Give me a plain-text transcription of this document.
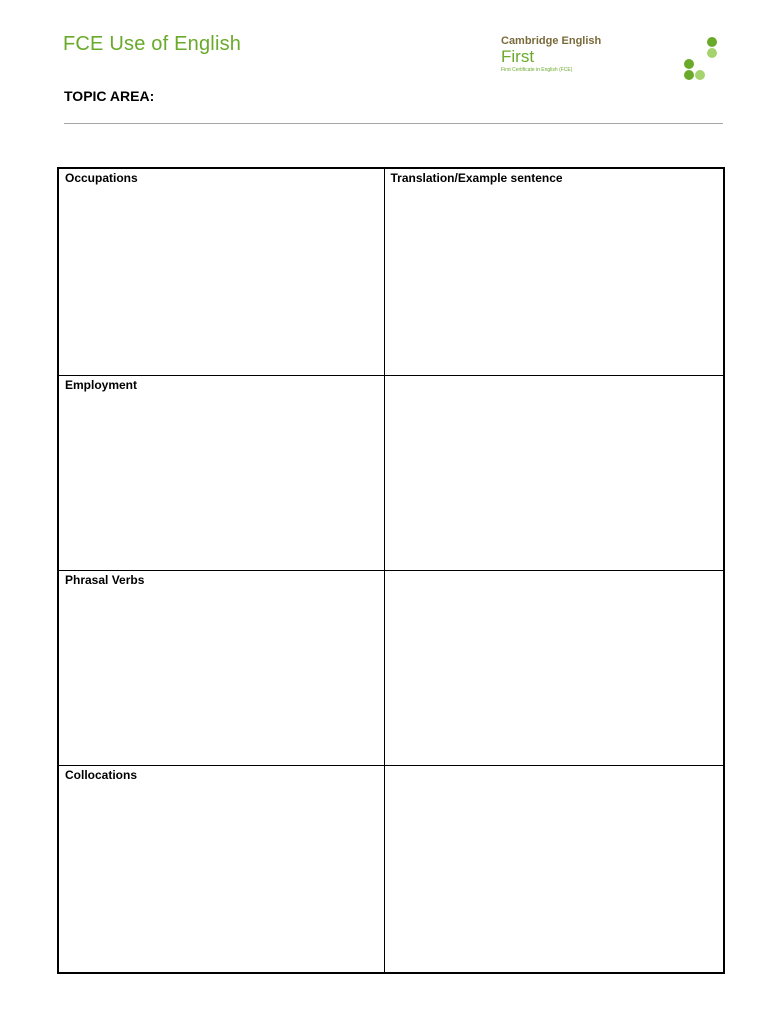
FCE Use of English	Cambridge English
First
First Certificate in English (FCE)
TOPIC AREA:
Occupations	Translation/Example sentence
Employment	
Phrasal Verbs	
Collocations	
